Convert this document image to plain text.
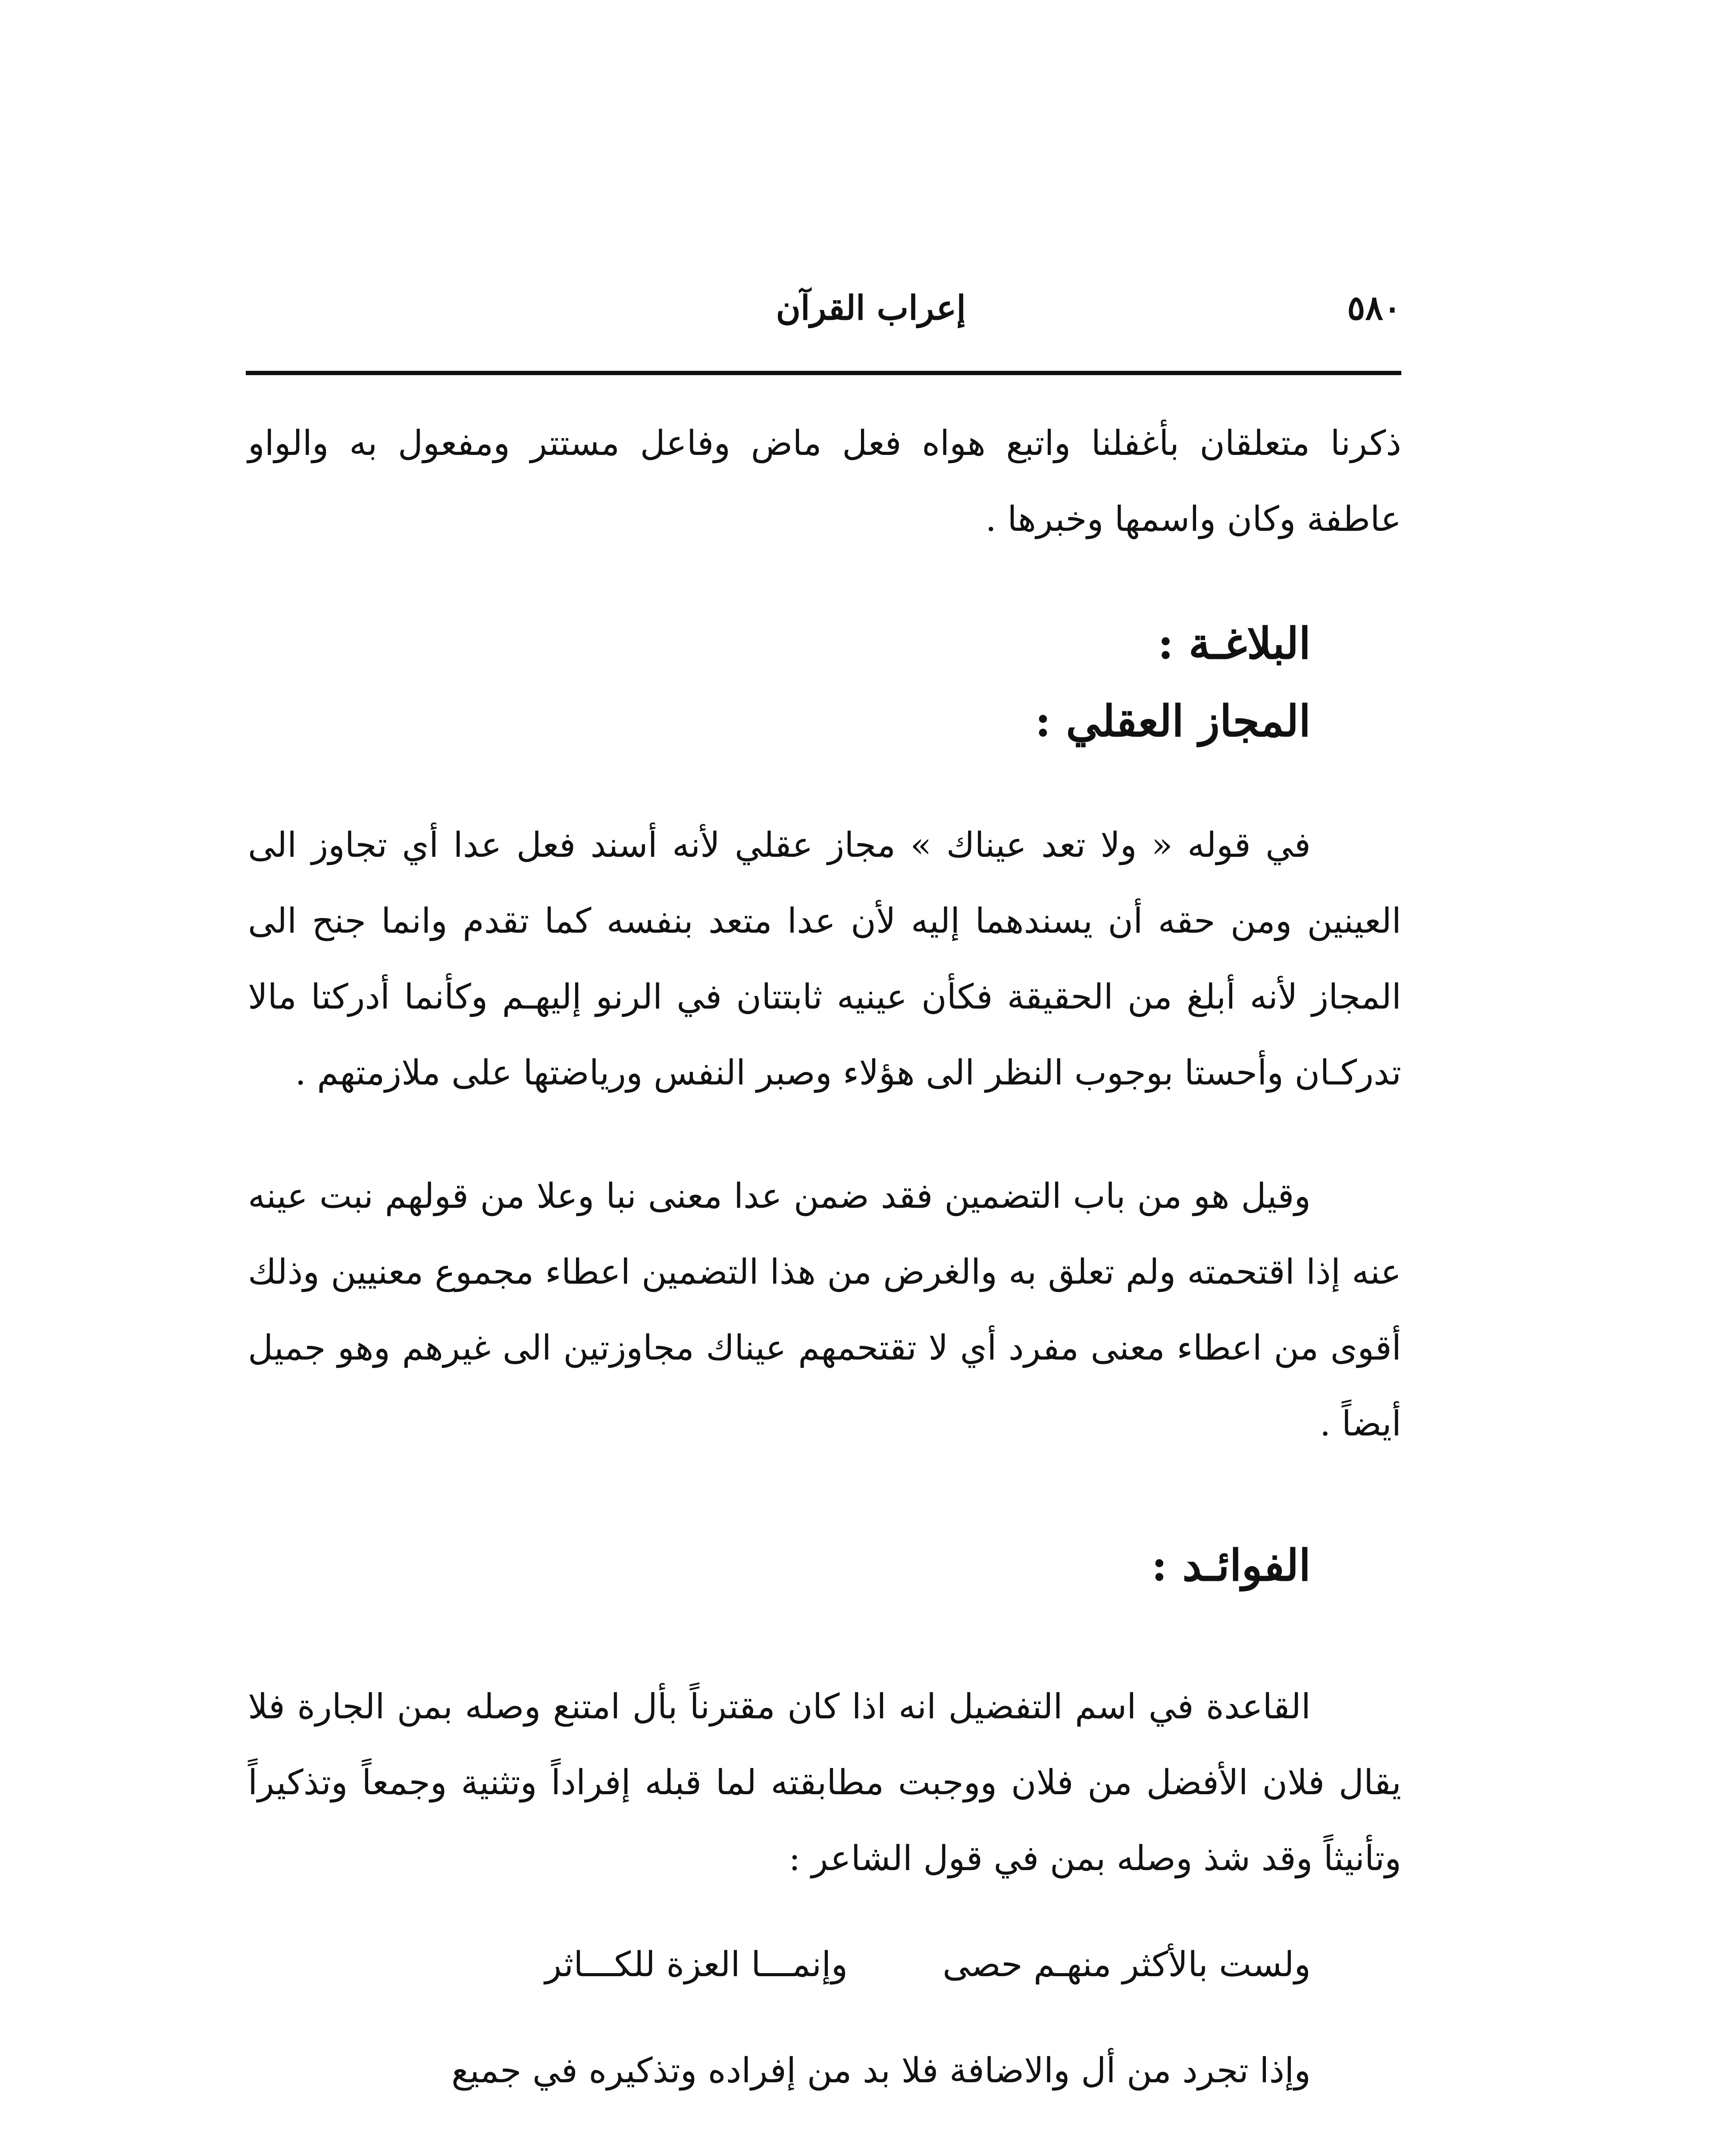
٥٨٠
إعراب القرآن

ذكرنا متعلقان بأغفلنا واتبع هواه فعل ماض وفاعل مستتر ومفعول به والواو عاطفة وكان واسمها وخبرها .

البلاغـة :

المجاز العقلي :

في قوله « ولا تعد عيناك » مجاز عقلي لأنه أسند فعل عدا أي تجاوز الى العينين ومن حقه أن يسندهما إليه لأن عدا متعد بنفسه كما تقدم وانما جنح الى المجاز لأنه أبلغ من الحقيقة فكأن عينيه ثابتتان في الرنو إليهـم وكأنما أدركتا مالا تدركـان وأحستا بوجوب النظر الى هؤلاء وصبر النفس ورياضتها على ملازمتهم .

وقيل هو من باب التضمين فقد ضمن عدا معنى نبا وعلا من قولهم نبت عينه عنه إذا اقتحمته ولم تعلق به والغرض من هذا التضمين اعطاء مجموع معنيين وذلك أقوى من اعطاء معنى مفرد أي لا تقتحمهم عيناك مجاوزتين الى غيرهم وهو جميل أيضاً .

الفوائـد :

القاعدة في اسم التفضيل انه اذا كان مقترناً بأل امتنع وصله بمن الجارة فلا يقال فلان الأفضل من فلان ووجبت مطابقته لما قبله إفراداً وتثنية وجمعاً وتذكيراً وتأنيثاً وقد شذ وصله بمن في قول الشاعر :

ولست بالأكثر منهـم حصى
وإنمـــا العزة للكـــاثر

وإذا تجرد من أل والاضافة فلا بد من إفراده وتذكيره في جميع
